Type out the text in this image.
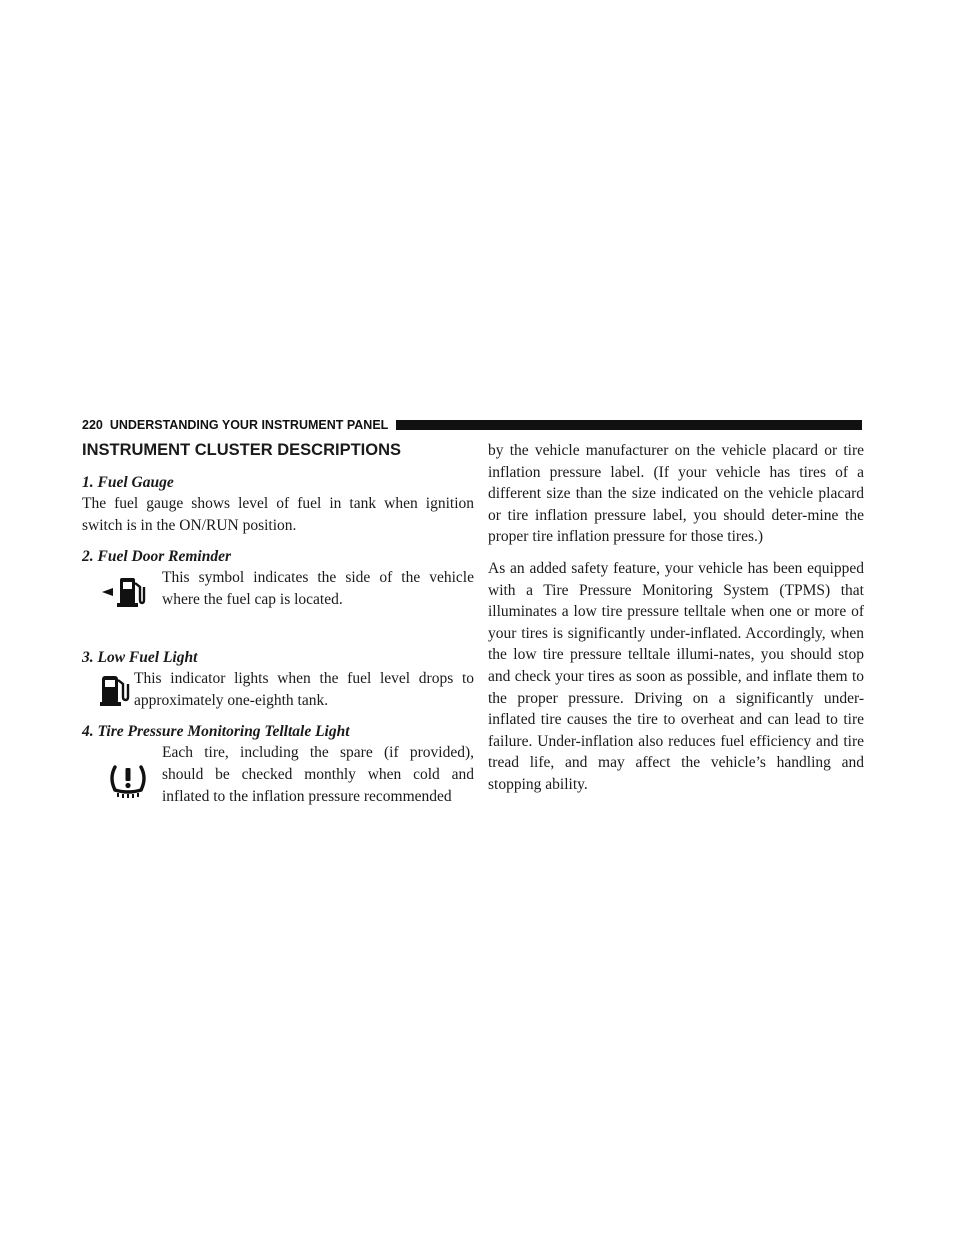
220 UNDERSTANDING YOUR INSTRUMENT PANEL
INSTRUMENT CLUSTER DESCRIPTIONS
1. Fuel Gauge

The fuel gauge shows level of fuel in tank when ignition switch is in the ON/RUN position.

2. Fuel Door Reminder

This symbol indicates the side of the vehicle where the fuel cap is located.

3. Low Fuel Light

This indicator lights when the fuel level drops to approximately one-eighth tank.

4. Tire Pressure Monitoring Telltale Light

Each tire, including the spare (if provided), should be checked monthly when cold and inflated to the inflation pressure recommended

by the vehicle manufacturer on the vehicle placard or tire inflation pressure label. (If your vehicle has tires of a different size than the size indicated on the vehicle placard or tire inflation pressure label, you should deter-mine the proper tire inflation pressure for those tires.)

As an added safety feature, your vehicle has been equipped with a Tire Pressure Monitoring System (TPMS) that illuminates a low tire pressure telltale when one or more of your tires is significantly under-inflated. Accordingly, when the low tire pressure telltale illumi-nates, you should stop and check your tires as soon as possible, and inflate them to the proper pressure. Driving on a significantly under-inflated tire causes the tire to overheat and can lead to tire failure. Under-inflation also reduces fuel efficiency and tire tread life, and may affect the vehicle’s handling and stopping ability.
